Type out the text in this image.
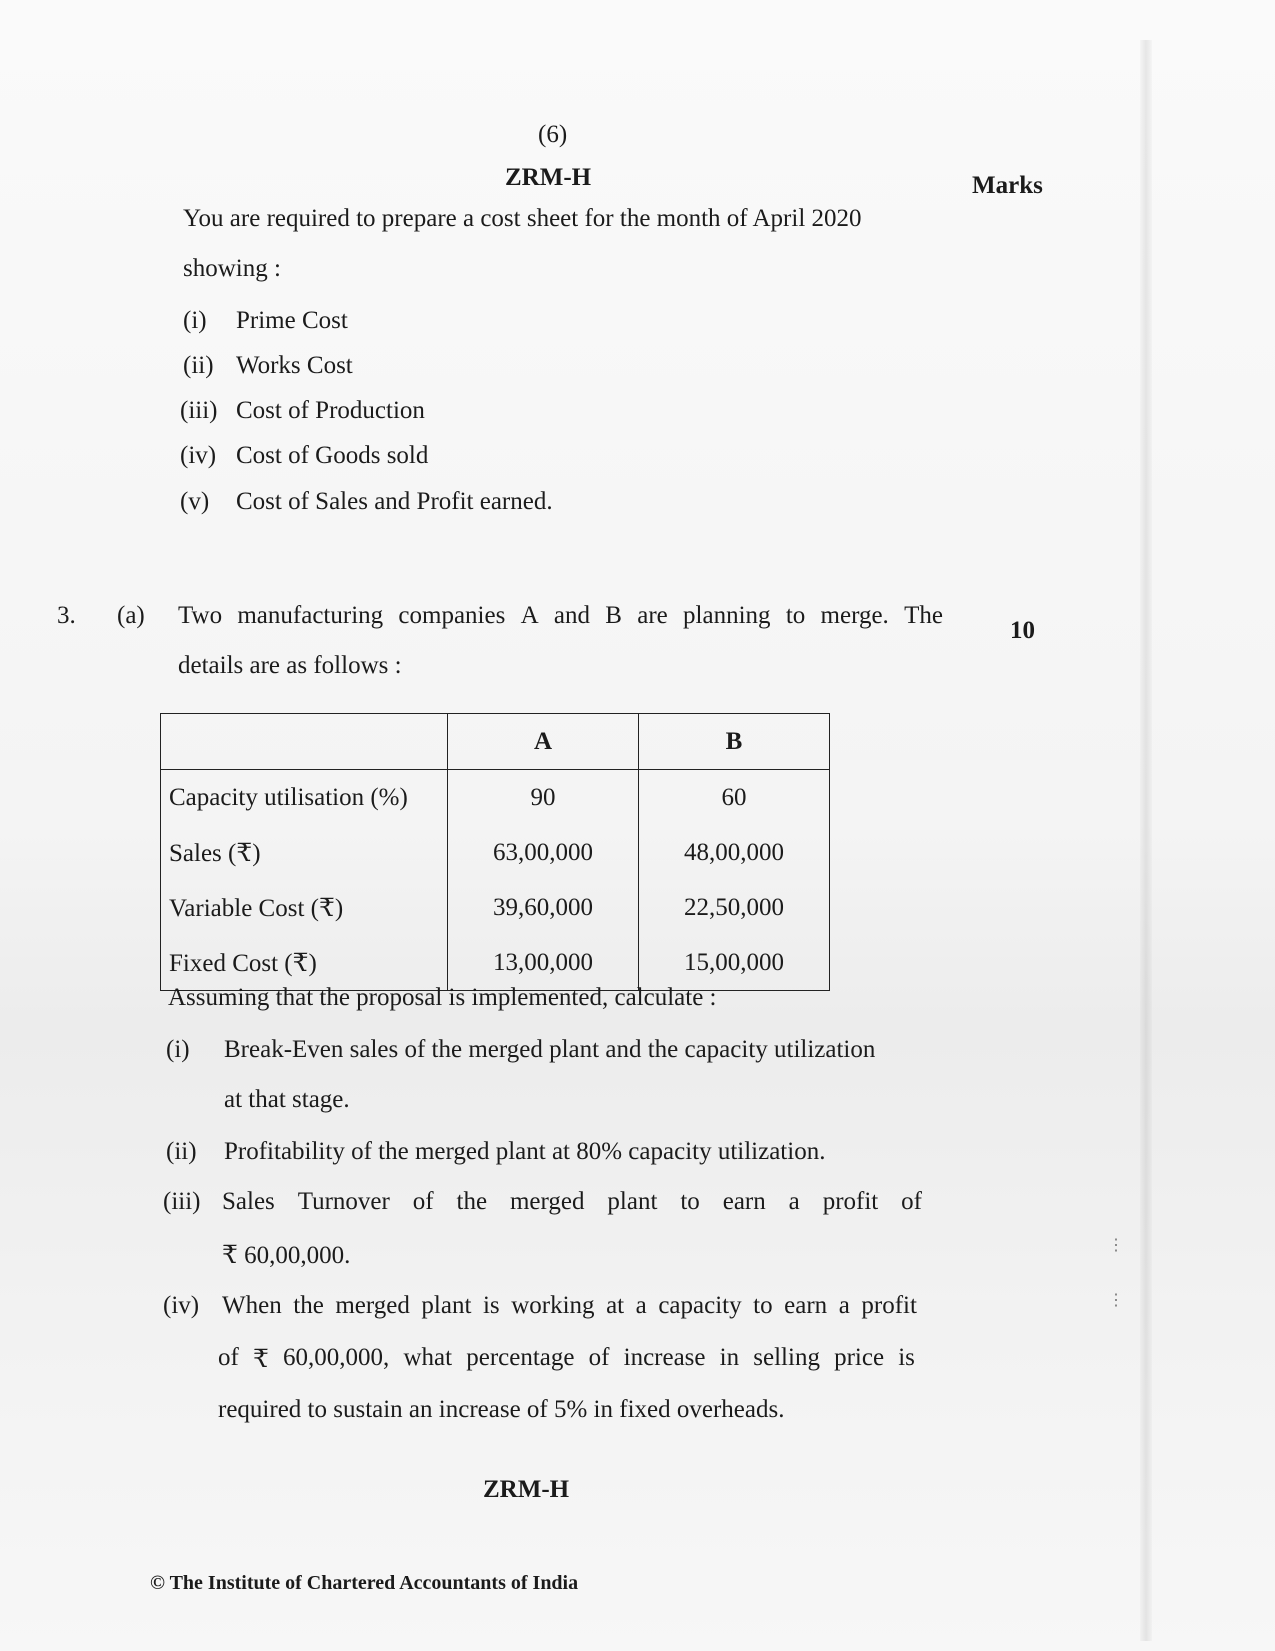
(6)
ZRM-H	Marks
You are required to prepare a cost sheet for the month of April 2020
showing :
(i) Prime Cost
(ii) Works Cost
(iii) Cost of Production
(iv) Cost of Goods sold
(v) Cost of Sales and Profit earned.
3. (a) Two manufacturing companies A and B are planning to merge. The
10
details are as follows :
	A	B
Capacity utilisation (%)	90	60
Sales (₹)	63,00,000	48,00,000
Variable Cost (₹)	39,60,000	22,50,000
Fixed Cost (₹)	13,00,000	15,00,000
Assuming that the proposal is implemented, calculate :
(i) Break-Even sales of the merged plant and the capacity utilization
at that stage.
(ii) Profitability of the merged plant at 80% capacity utilization.
(iii) Sales Turnover of the merged plant to earn a profit of
₹ 60,00,000.
(iv) When the merged plant is working at a capacity to earn a profit
of ₹ 60,00,000, what percentage of increase in selling price is
required to sustain an increase of 5% in fixed overheads.
ZRM-H
© The Institute of Chartered Accountants of India
⋮
⋮
